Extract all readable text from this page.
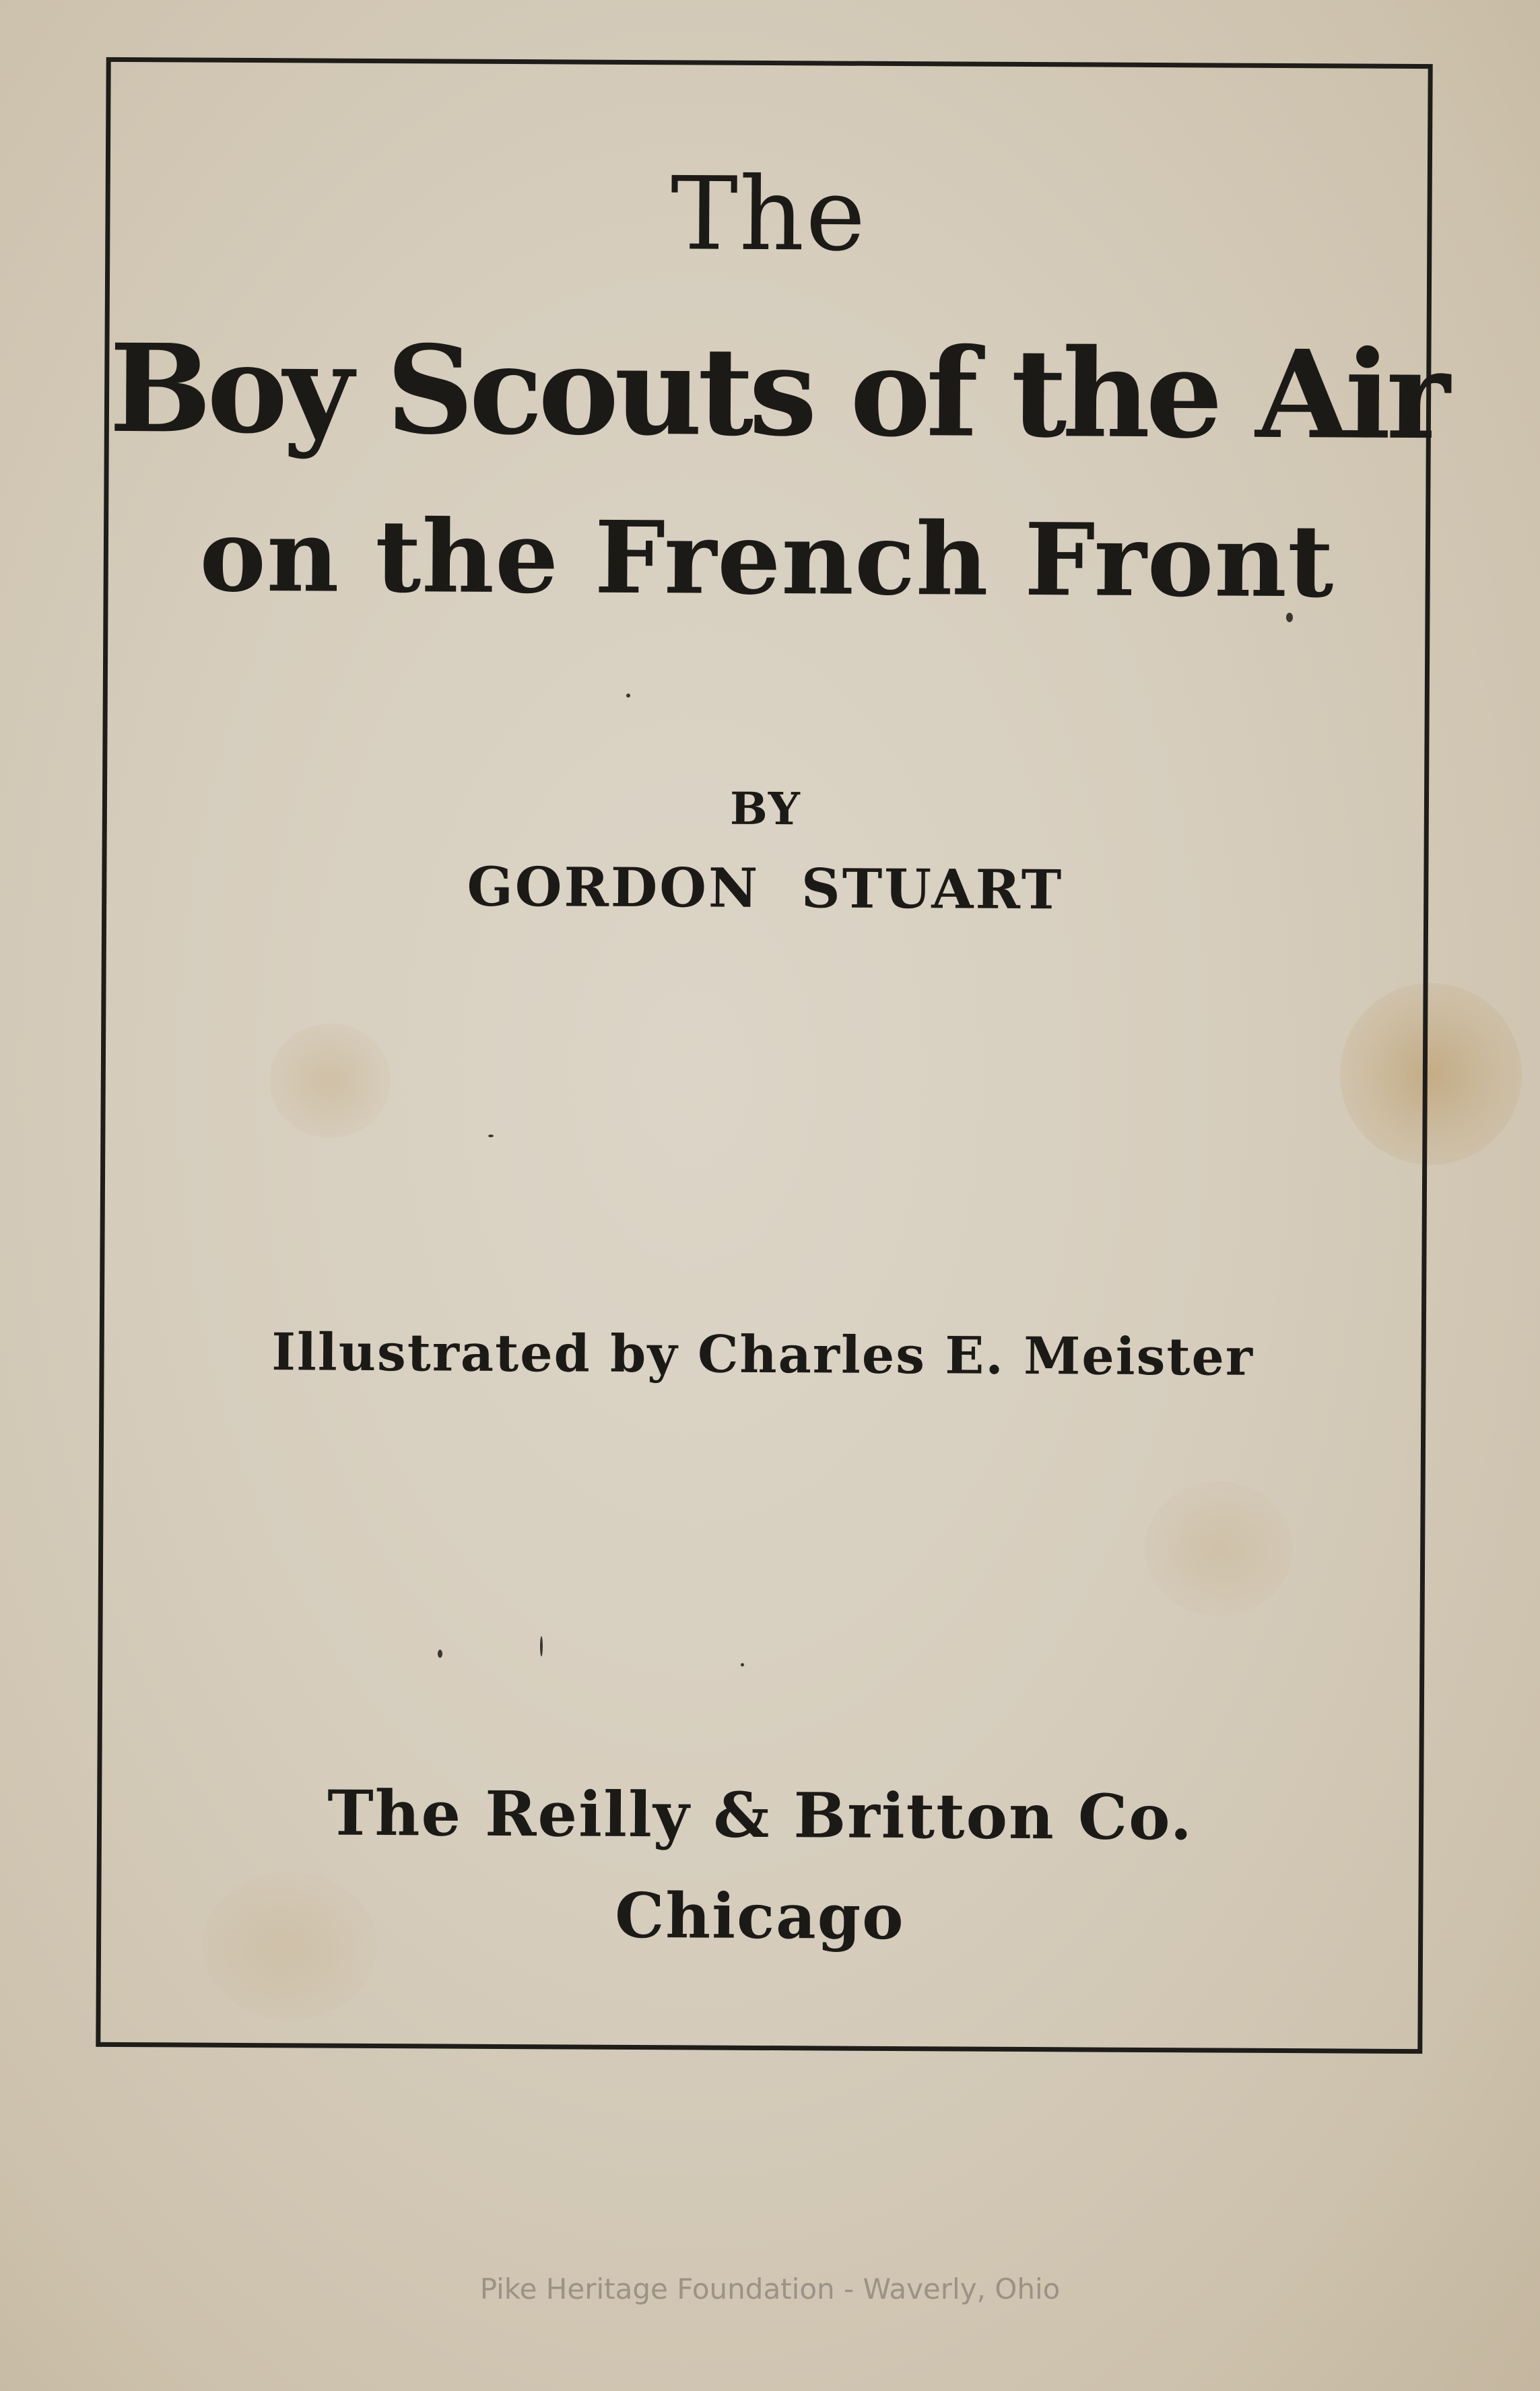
The
Boy Scouts of the Air
on the French Front
BY
GORDON  STUART
Illustrated by Charles E. Meister
The Reilly & Britton Co.
Chicago
Pike Heritage Foundation - Waverly, Ohio
